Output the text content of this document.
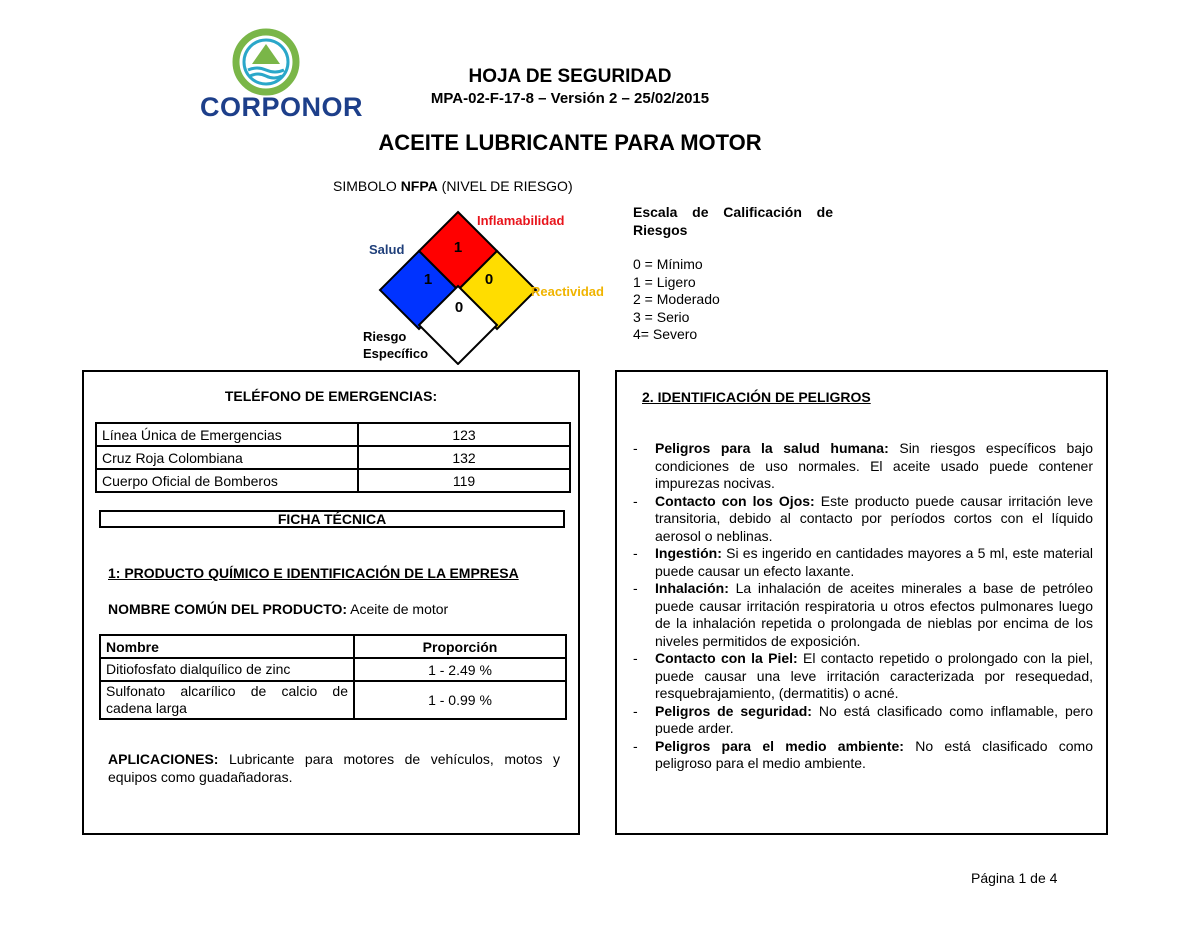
CORPONOR
HOJA DE SEGURIDAD
MPA-02-F-17-8 – Versión 2 – 25/02/2015
ACEITE LUBRICANTE PARA MOTOR
SIMBOLO NFPA (NIVEL DE RIESGO)
1
1	0
0
Inflamabilidad
Salud
Reactividad
Riesgo
Específico
Escala de Calificación de
Riesgos
0 = Mínimo
1 = Ligero
2 = Moderado
3 = Serio
4= Severo
TELÉFONO DE EMERGENCIAS:
Línea Única de Emergencias	123
Cruz Roja Colombiana	132
Cuerpo Oficial de Bomberos	119
FICHA TÉCNICA
1: PRODUCTO QUÍMICO E IDENTIFICACIÓN DE LA EMPRESA
NOMBRE COMÚN DEL PRODUCTO: Aceite de motor
Nombre	Proporción
Ditiofosfato dialquílico de zinc	1 - 2.49 %
Sulfonato alcarílico de calcio de cadena larga	1 - 0.99 %
APLICACIONES: Lubricante para motores de vehículos, motos y equipos como guadañadoras.
2. IDENTIFICACIÓN DE PELIGROS
- Peligros para la salud humana: Sin riesgos específicos bajo condiciones de uso normales. El aceite usado puede contener impurezas nocivas.
- Contacto con los Ojos: Este producto puede causar irritación leve transitoria, debido al contacto por períodos cortos con el líquido aerosol o neblinas.
- Ingestión: Si es ingerido en cantidades mayores a 5 ml, este material puede causar un efecto laxante.
- Inhalación: La inhalación de aceites minerales a base de petróleo puede causar irritación respiratoria u otros efectos pulmonares luego de la inhalación repetida o prolongada de nieblas por encima de los niveles permitidos de exposición.
- Contacto con la Piel: El contacto repetido o prolongado con la piel, puede causar una leve irritación caracterizada por resequedad, resquebrajamiento, (dermatitis) o acné.
- Peligros de seguridad: No está clasificado como inflamable, pero puede arder.
- Peligros para el medio ambiente: No está clasificado como peligroso para el medio ambiente.
Página 1 de 4
